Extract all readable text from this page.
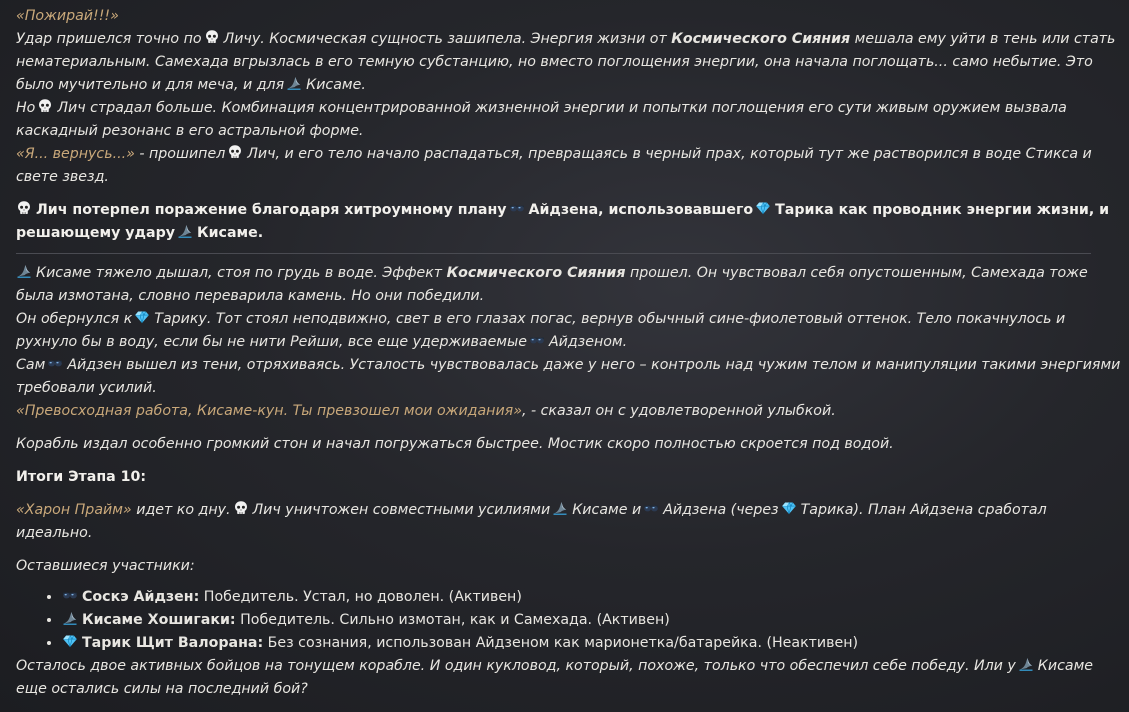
«Пожирай!!!»

Удар пришелся точно по Личу. Космическая сущность зашипела. Энергия жизни от Космического Сияния мешала ему уйти в тень или стать нематериальным. Самехада вгрызлась в его темную субстанцию, но вместо поглощения энергии, она начала поглощать... само небытие. Это было мучительно и для меча, и для Кисаме.

Но Лич страдал больше. Комбинация концентрированной жизненной энергии и попытки поглощения его сути живым оружием вызвала каскадный резонанс в его астральной форме.

«Я... вернусь...» - прошипел Лич, и его тело начало распадаться, превращаясь в черный прах, который тут же растворился в воде Стикса и свете звезд.

Лич потерпел поражение благодаря хитроумному плану Айдзена, использовавшего Тарика как проводник энергии жизни, и решающему удару Кисаме.

Кисаме тяжело дышал, стоя по грудь в воде. Эффект Космического Сияния прошел. Он чувствовал себя опустошенным, Самехада тоже была измотана, словно переварила камень. Но они победили.

Он обернулся к Тарику. Тот стоял неподвижно, свет в его глазах погас, вернув обычный сине-фиолетовый оттенок. Тело покачнулось и рухнуло бы в воду, если бы не нити Рейши, все еще удерживаемые Айдзеном.

Сам Айдзен вышел из тени, отряхиваясь. Усталость чувствовалась даже у него – контроль над чужим телом и манипуляции такими энергиями требовали усилий.

«Превосходная работа, Кисаме-кун. Ты превзошел мои ожидания», - сказал он с удовлетворенной улыбкой.

Корабль издал особенно громкий стон и начал погружаться быстрее. Мостик скоро полностью скроется под водой.

Итоги Этапа 10:

«Харон Прайм» идет ко дну. Лич уничтожен совместными усилиями Кисаме и Айдзена (через Тарика). План Айдзена сработал идеально.

Оставшиеся участники:

• Соскэ Айдзен: Победитель. Устал, но доволен. (Активен)
• Кисаме Хошигаки: Победитель. Сильно измотан, как и Самехада. (Активен)
• Тарик Щит Валорана: Без сознания, использован Айдзеном как марионетка/батарейка. (Неактивен)

Осталось двое активных бойцов на тонущем корабле. И один кукловод, который, похоже, только что обеспечил себе победу. Или у Кисаме еще остались силы на последний бой?
